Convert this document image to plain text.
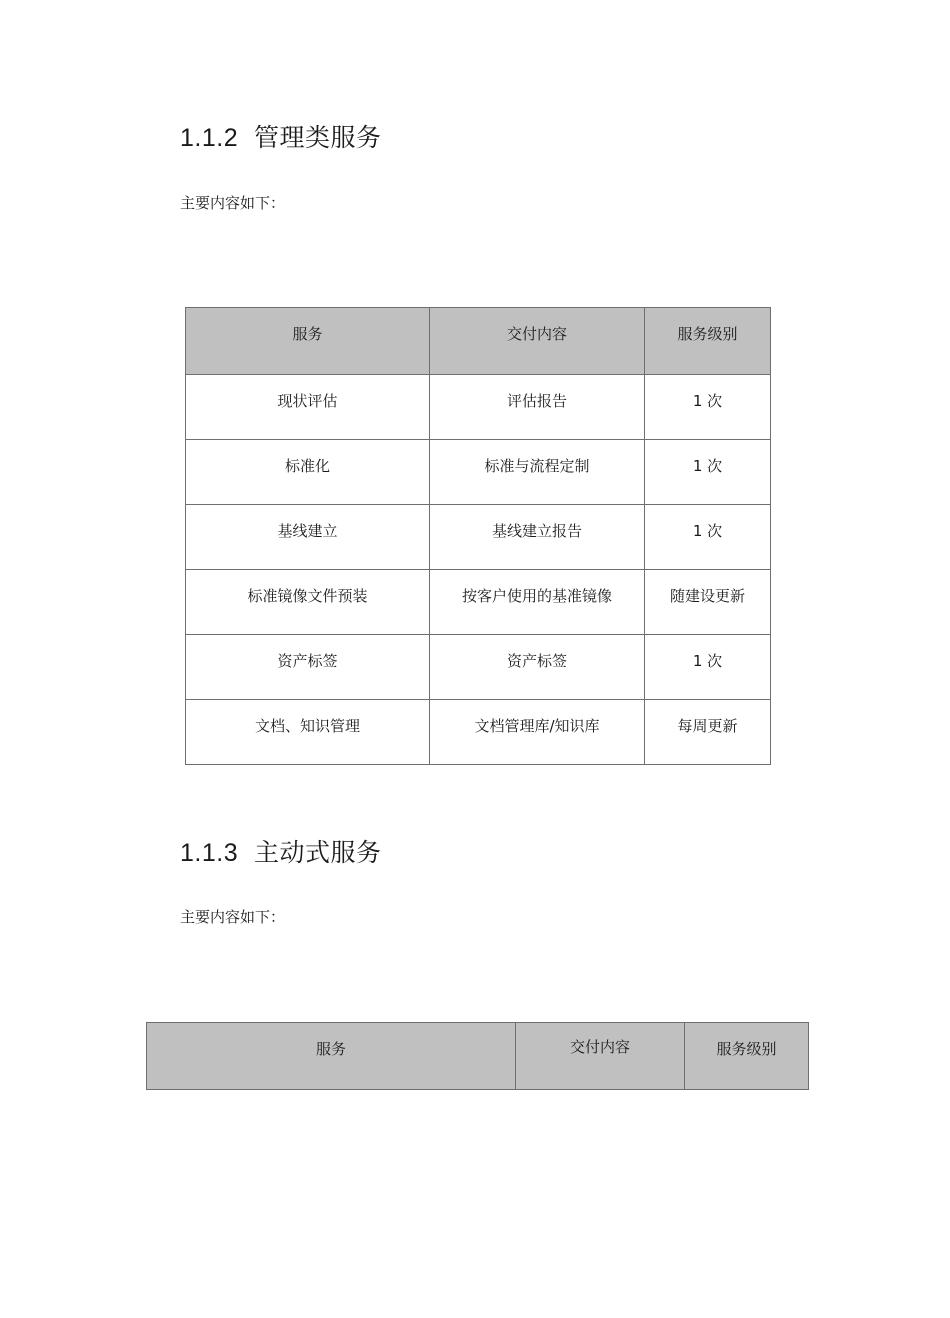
1.1.2 管理类服务

主要内容如下：

服务	交付内容	服务级别
现状评估	评估报告	1 次
标准化	标准与流程定制	1 次
基线建立	基线建立报告	1 次
标准镜像文件预装	按客户使用的基准镜像	随建设更新
资产标签	资产标签	1 次
文档、知识管理	文档管理库/知识库	每周更新
1.1.3 主动式服务

主要内容如下：

服务	交付内容	服务级别
